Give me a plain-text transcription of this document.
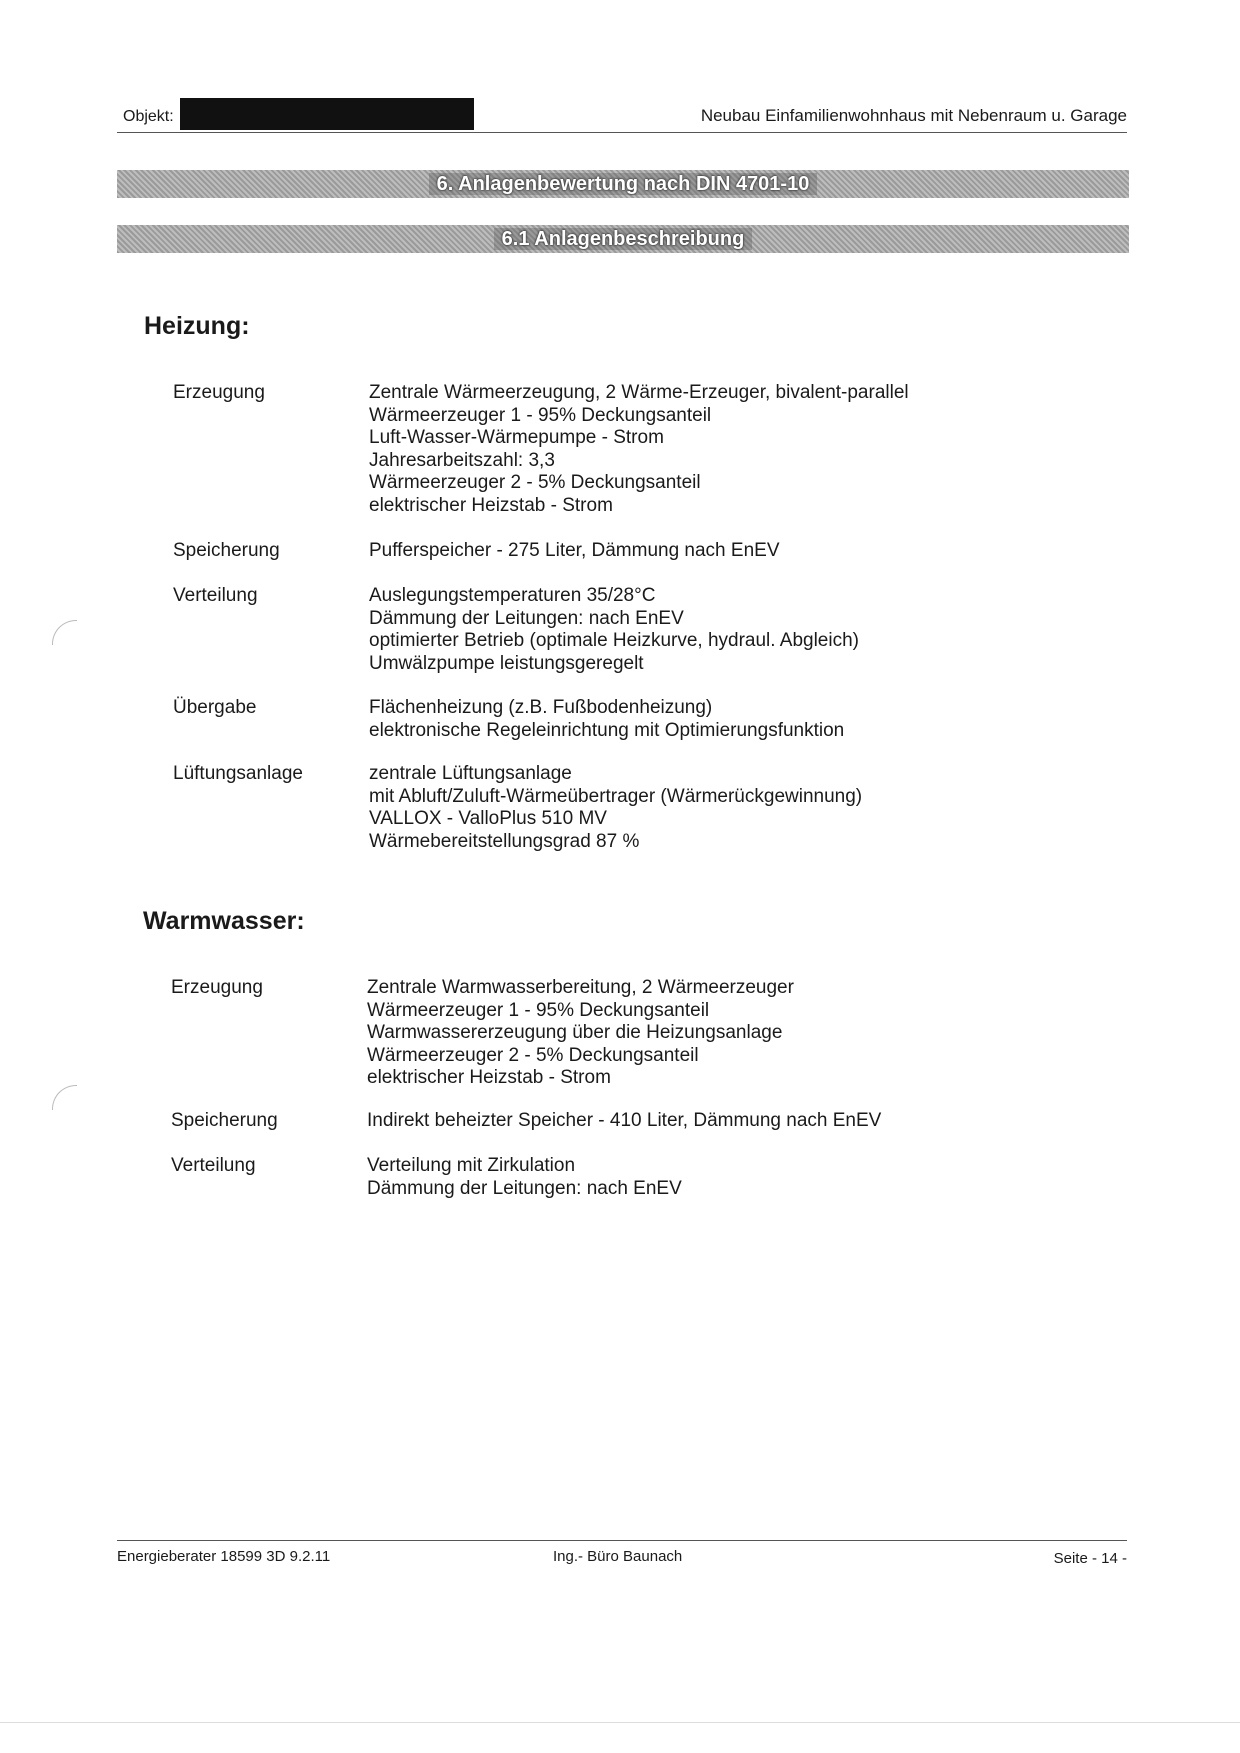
Objekt:	Neubau Einfamilienwohnhaus mit Nebenraum u. Garage
6. Anlagenbewertung nach DIN 4701-10
6.1 Anlagenbeschreibung
Heizung:
Erzeugung	Zentrale Wärmeerzeugung, 2 Wärme-Erzeuger, bivalent-parallel
Wärmeerzeuger 1 - 95% Deckungsanteil
Luft-Wasser-Wärmepumpe - Strom
Jahresarbeitszahl: 3,3
Wärmeerzeuger 2 - 5% Deckungsanteil
elektrischer Heizstab - Strom
Speicherung	Pufferspeicher - 275 Liter, Dämmung nach EnEV
Verteilung	Auslegungstemperaturen 35/28°C
Dämmung der Leitungen: nach EnEV
optimierter Betrieb (optimale Heizkurve, hydraul. Abgleich)
Umwälzpumpe leistungsgeregelt
Übergabe	Flächenheizung (z.B. Fußbodenheizung)
elektronische Regeleinrichtung mit Optimierungsfunktion
Lüftungsanlage	zentrale Lüftungsanlage
mit Abluft/Zuluft-Wärmeübertrager (Wärmerückgewinnung)
VALLOX - ValloPlus 510 MV
Wärmebereitstellungsgrad 87 %
Warmwasser:
Erzeugung	Zentrale Warmwasserbereitung, 2 Wärmeerzeuger
Wärmeerzeuger 1 - 95% Deckungsanteil
Warmwassererzeugung über die Heizungsanlage
Wärmeerzeuger 2 - 5% Deckungsanteil
elektrischer Heizstab - Strom
Speicherung	Indirekt beheizter Speicher - 410 Liter, Dämmung nach EnEV
Verteilung	Verteilung mit Zirkulation
Dämmung der Leitungen: nach EnEV
Energieberater 18599 3D 9.2.11	Ing.- Büro Baunach	Seite - 14 -
